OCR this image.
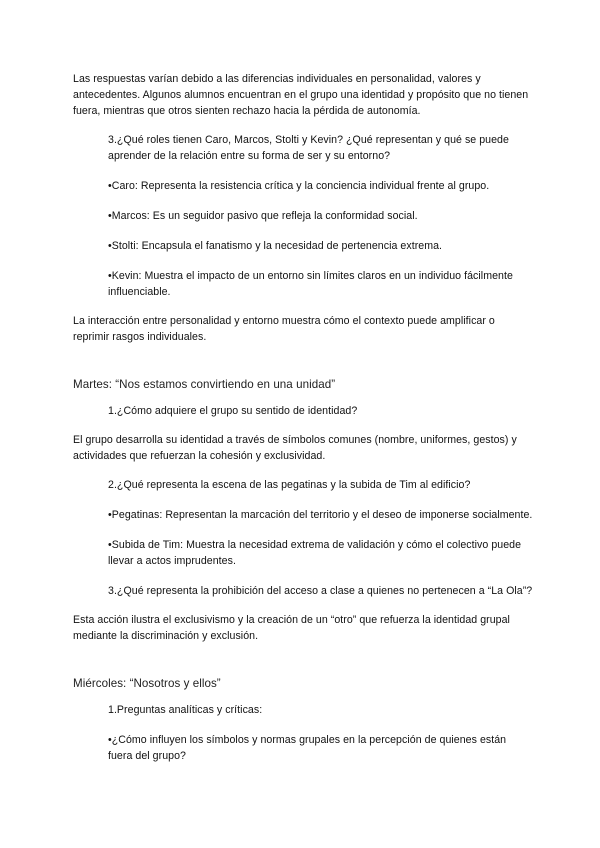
Las respuestas varían debido a las diferencias individuales en personalidad, valores y antecedentes. Algunos alumnos encuentran en el grupo una identidad y propósito que no tienen fuera, mientras que otros sienten rechazo hacia la pérdida de autonomía.

3.¿Qué roles tienen Caro, Marcos, Stolti y Kevin? ¿Qué representan y qué se puede aprender de la relación entre su forma de ser y su entorno?

•Caro: Representa la resistencia crítica y la conciencia individual frente al grupo.

•Marcos: Es un seguidor pasivo que refleja la conformidad social.

•Stolti: Encapsula el fanatismo y la necesidad de pertenencia extrema.

•Kevin: Muestra el impacto de un entorno sin límites claros en un individuo fácilmente influenciable.

La interacción entre personalidad y entorno muestra cómo el contexto puede amplificar o reprimir rasgos individuales.

Martes: “Nos estamos convirtiendo en una unidad”

1.¿Cómo adquiere el grupo su sentido de identidad?

El grupo desarrolla su identidad a través de símbolos comunes (nombre, uniformes, gestos) y actividades que refuerzan la cohesión y exclusividad.

2.¿Qué representa la escena de las pegatinas y la subida de Tim al edificio?

•Pegatinas: Representan la marcación del territorio y el deseo de imponerse socialmente.

•Subida de Tim: Muestra la necesidad extrema de validación y cómo el colectivo puede llevar a actos imprudentes.

3.¿Qué representa la prohibición del acceso a clase a quienes no pertenecen a “La Ola”?

Esta acción ilustra el exclusivismo y la creación de un “otro” que refuerza la identidad grupal mediante la discriminación y exclusión.

Miércoles: “Nosotros y ellos”

1.Preguntas analíticas y críticas:

•¿Cómo influyen los símbolos y normas grupales en la percepción de quienes están fuera del grupo?
